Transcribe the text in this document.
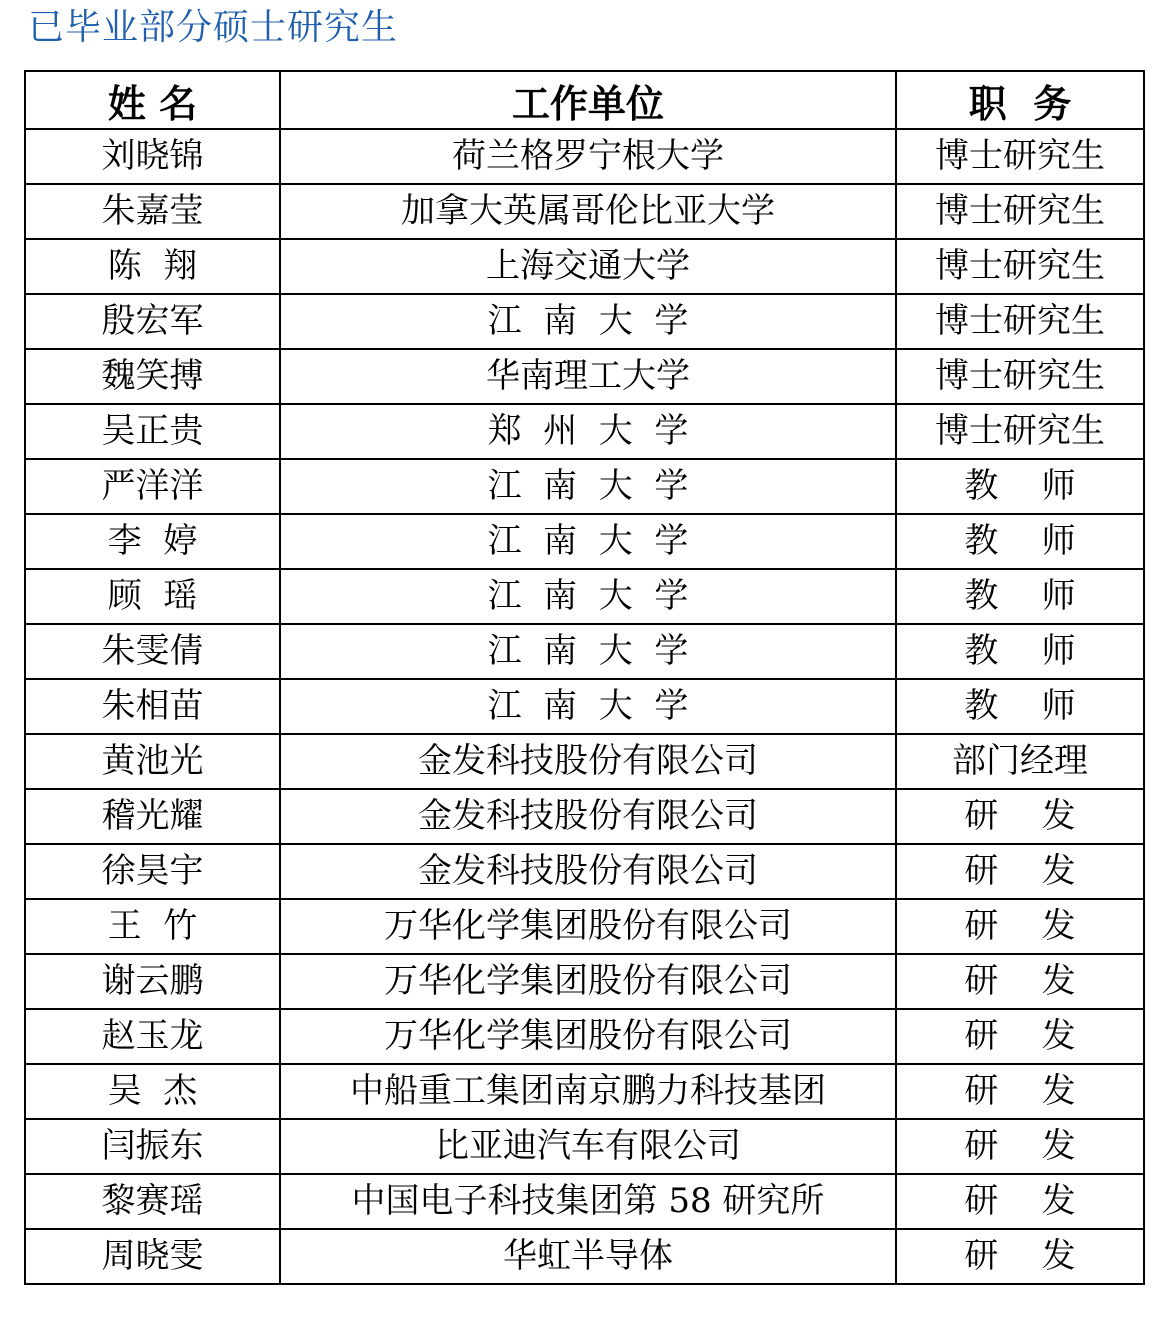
已毕业部分硕士研究生
姓 名	工作单位	职  务
刘晓锦	荷兰格罗宁根大学	博士研究生
朱嘉莹	加拿大英属哥伦比亚大学	博士研究生
陈  翔	上海交通大学	博士研究生
殷宏军	江  南  大  学	博士研究生
魏笑搏	华南理工大学	博士研究生
吴正贵	郑  州  大  学	博士研究生
严洋洋	江  南  大  学	教    师
李  婷	江  南  大  学	教    师
顾  瑶	江  南  大  学	教    师
朱雯倩	江  南  大  学	教    师
朱相苗	江  南  大  学	教    师
黄池光	金发科技股份有限公司	部门经理
稽光耀	金发科技股份有限公司	研    发
徐昊宇	金发科技股份有限公司	研    发
王  竹	万华化学集团股份有限公司	研    发
谢云鹏	万华化学集团股份有限公司	研    发
赵玉龙	万华化学集团股份有限公司	研    发
吴  杰	中船重工集团南京鹏力科技基团	研    发
闫振东	比亚迪汽车有限公司	研    发
黎赛瑶	中国电子科技集团第 58 研究所	研    发
周晓雯	华虹半导体	研    发
